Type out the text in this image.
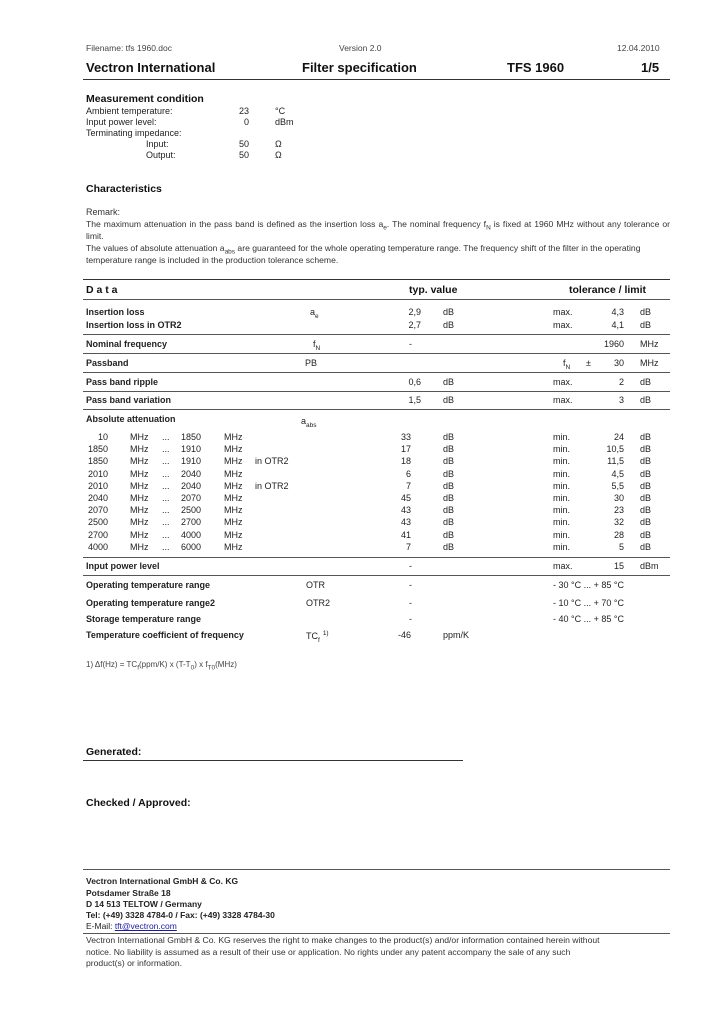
Filename: tfs 1960.doc	Version 2.0	12.04.2010
Vectron International	Filter specification	TFS 1960	1/5
Measurement condition
Ambient temperature:	23	°C
Input power level:	0	dBm
Terminating impedance:
Input:	50	Ω
Output:	50	Ω
Characteristics
Remark:
The maximum attenuation in the pass band is defined as the insertion loss $a_e$. The nominal frequency $f_N$ is fixed at 1960 MHz without any tolerance or limit.
The values of absolute attenuation $a_{abs}$ are guaranteed for the whole operating temperature range. The frequency shift of the filter in the operating
temperature range is included in the production tolerance scheme.
D a t a	typ. value	tolerance / limit
Insertion loss	$a_e$	2,9 dB	max.	4,3 dB
Insertion loss in OTR2	2,7 dB	max.	4,1 dB
Nominal frequency	$f_N$	-	1960 MHz
Passband	PB	$f_N$ ±	30 MHz
Pass band ripple	0,6 dB	max.	2 dB
Pass band variation	1,5 dB	max.	3 dB
Absolute attenuation	$a_{abs}$
10 MHz ...	1850	MHz	33	dB	min.	24 dB
1850 MHz ...	1910	MHz	17	dB	min.	10,5 dB
1850 MHz ...	1910	MHz in OTR2	18	dB	min.	11,5 dB
2010 MHz ...	2040	MHz	6	dB	min.	4,5 dB
2010 MHz ...	2040	MHz in OTR2	7	dB	min.	5,5 dB
2040 MHz ...	2070	MHz	45	dB	min.	30 dB
2070 MHz ...	2500	MHz	43	dB	min.	23 dB
2500 MHz ...	2700	MHz	43	dB	min.	32 dB
2700 MHz ...	4000	MHz	41	dB	min.	28 dB
4000 MHz ...	6000	MHz	7	dB	min.	5 dB
Input power level	-	max.	15 dBm
Operating temperature range	OTR	-	- 30 °C ... + 85 °C
Operating temperature range2	OTR2	-	- 10 °C ... + 70 °C
Storage temperature range	-	- 40 °C ... + 85 °C
Temperature coefficient of frequency	$TC_f^{1)}$	-46	ppm/K
1) $\Delta f(Hz) = TC_f(ppm/K)$ x $(T-T_0)$ x $f_{T0}(MHz)$
Generated:
Checked / Approved:
Vectron International GmbH & Co. KG
Potsdamer Straße 18
D 14 513 TELTOW / Germany
Tel: (+49) 3328 4784-0 / Fax: (+49) 3328 4784-30
E-Mail: tft@vectron.com
Vectron International GmbH & Co. KG reserves the right to make changes to the product(s) and/or information contained herein without
notice. No liability is assumed as a result of their use or application. No rights under any patent accompany the sale of any such
product(s) or information.
